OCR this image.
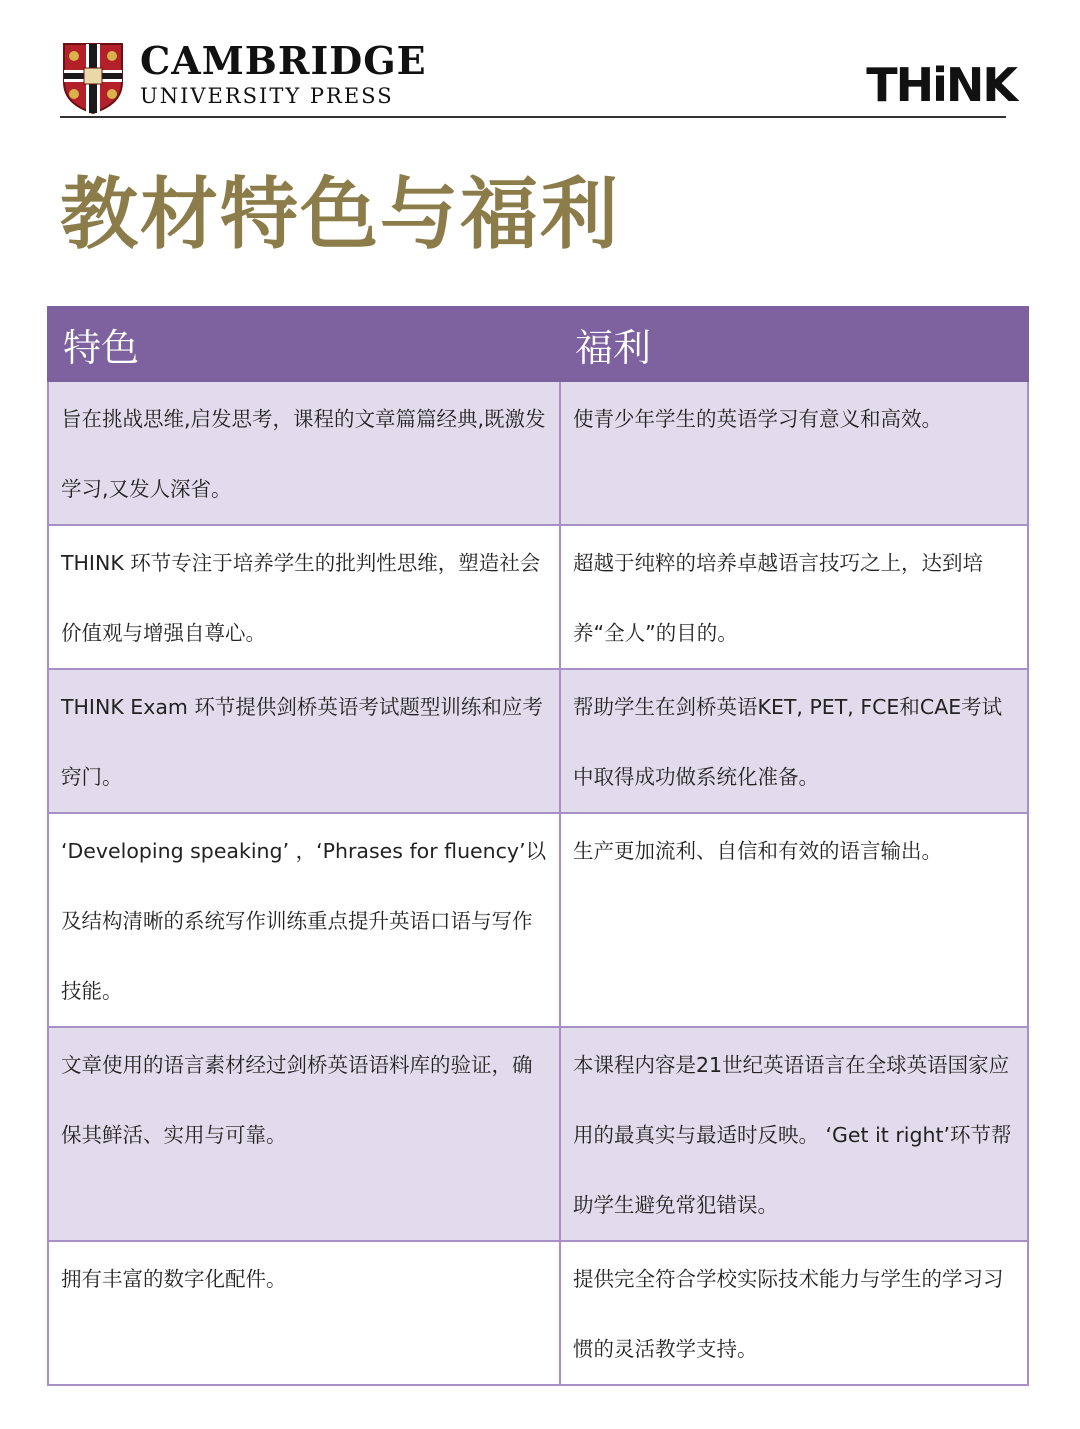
CAMBRIDGE
UNIVERSITY PRESS	THiNK
教材特色与福利
特色	福利
旨在挑战思维,启发思考，课程的文章篇篇经典,既激发学习,又发人深省。	使青少年学生的英语学习有意义和高效。
THINK 环节专注于培养学生的批判性思维，塑造社会价值观与增强自尊心。	超越于纯粹的培养卓越语言技巧之上，达到培养“全人”的目的。
THINK Exam 环节提供剑桥英语考试题型训练和应考窍门。	帮助学生在剑桥英语KET, PET, FCE和CAE考试中取得成功做系统化准备。
‘Developing speaking’ ，‘Phrases for fluency’以及结构清晰的系统写作训练重点提升英语口语与写作技能。	生产更加流利、自信和有效的语言输出。
文章使用的语言素材经过剑桥英语语料库的验证，确保其鲜活、实用与可靠。	本课程内容是21世纪英语语言在全球英语国家应用的最真实与最适时反映。 ‘Get it right’环节帮助学生避免常犯错误。
拥有丰富的数字化配件。	提供完全符合学校实际技术能力与学生的学习习惯的灵活教学支持。
